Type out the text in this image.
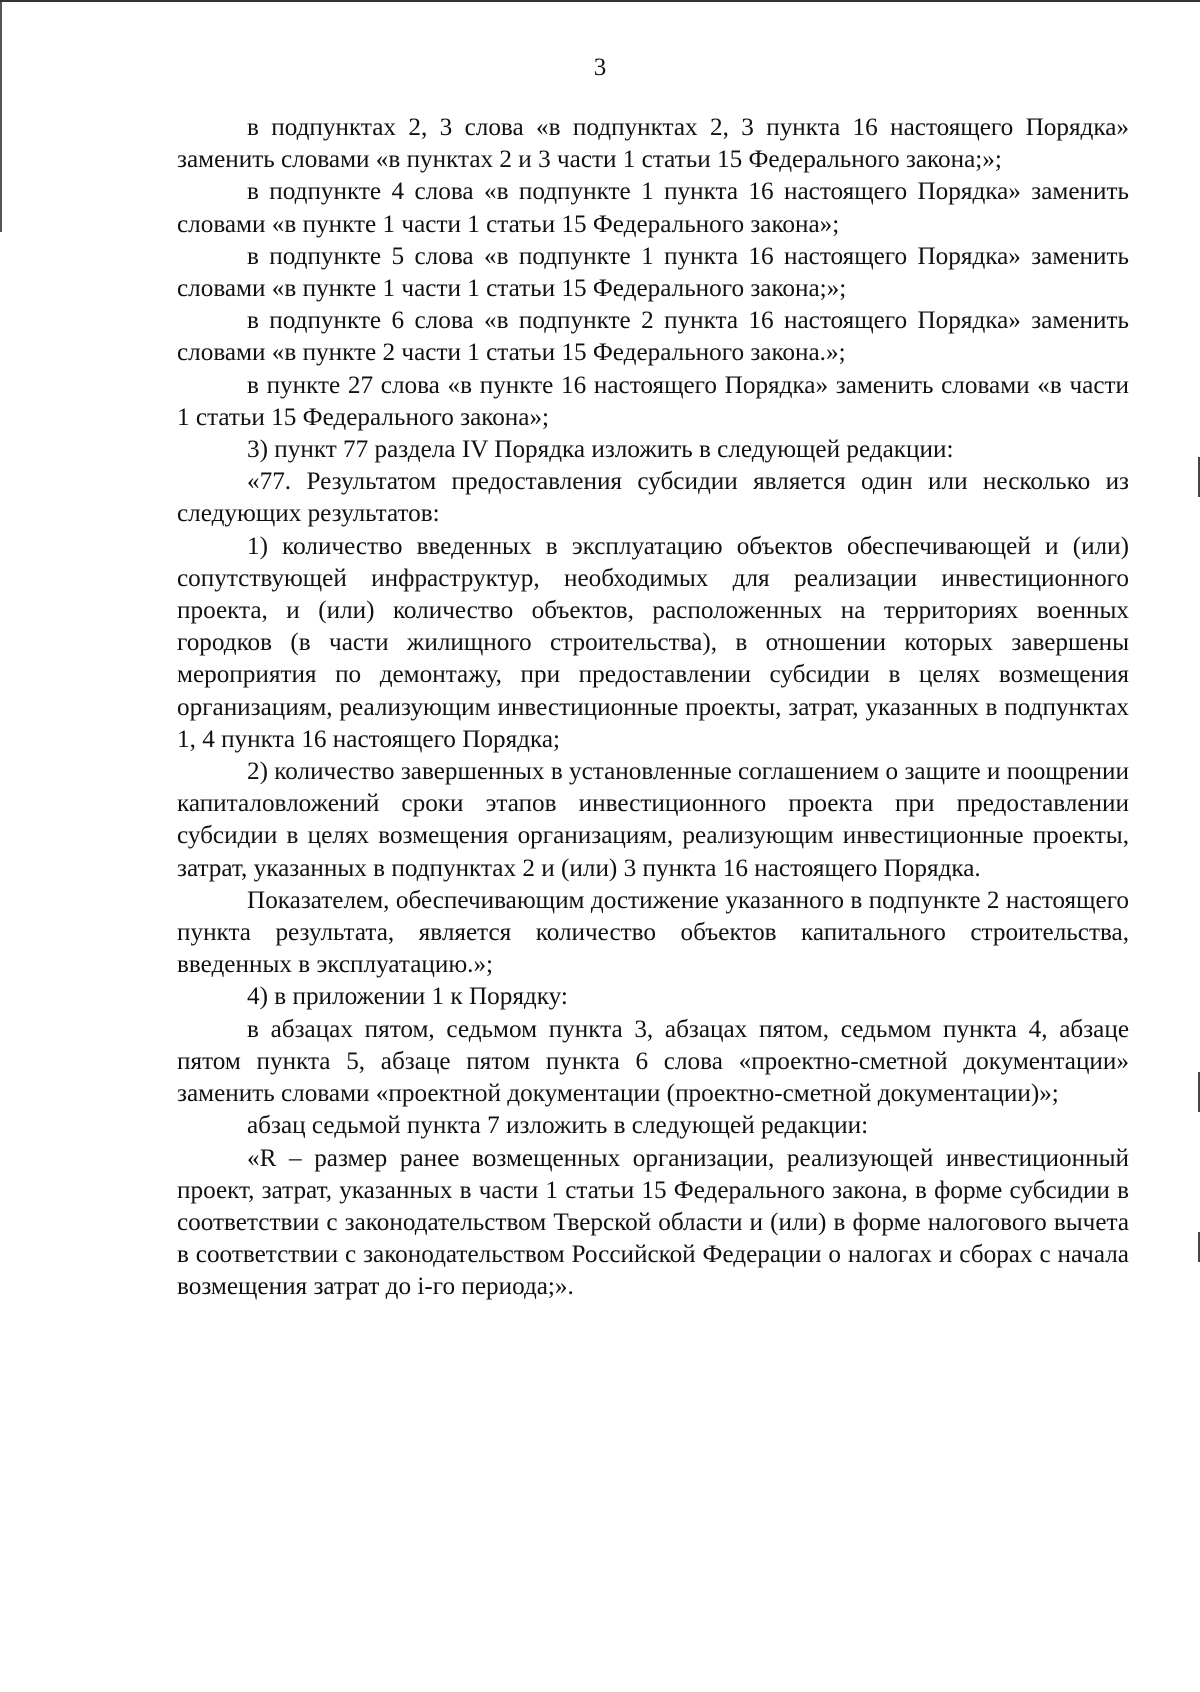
3

в подпунктах 2, 3 слова «в подпунктах 2, 3 пункта 16 настоящего Порядка» заменить словами «в пунктах 2 и 3 части 1 статьи 15 Федерального закона;»;

в подпункте 4 слова «в подпункте 1 пункта 16 настоящего Порядка» заменить словами «в пункте 1 части 1 статьи 15 Федерального закона»;

в подпункте 5 слова «в подпункте 1 пункта 16 настоящего Порядка» заменить словами «в пункте 1 части 1 статьи 15 Федерального закона;»;

в подпункте 6 слова «в подпункте 2 пункта 16 настоящего Порядка» заменить словами «в пункте 2 части 1 статьи 15 Федерального закона.»;

в пункте 27 слова «в пункте 16 настоящего Порядка» заменить словами «в части 1 статьи 15 Федерального закона»;

3) пункт 77 раздела IV Порядка изложить в следующей редакции:

«77. Результатом предоставления субсидии является один или несколько из следующих результатов:

1) количество введенных в эксплуатацию объектов обеспечивающей и (или) сопутствующей инфраструктур, необходимых для реализации инвестиционного проекта, и (или) количество объектов, расположенных на территориях военных городков (в части жилищного строительства), в отношении которых завершены мероприятия по демонтажу, при предоставлении субсидии в целях возмещения организациям, реализующим инвестиционные проекты, затрат, указанных в подпунктах 1, 4 пункта 16 настоящего Порядка;

2) количество завершенных в установленные соглашением о защите и поощрении капиталовложений сроки этапов инвестиционного проекта при предоставлении субсидии в целях возмещения организациям, реализующим инвестиционные проекты, затрат, указанных в подпунктах 2 и (или) 3 пункта 16 настоящего Порядка.

Показателем, обеспечивающим достижение указанного в подпункте 2 настоящего пункта результата, является количество объектов капитального строительства, введенных в эксплуатацию.»;

4) в приложении 1 к Порядку:

в абзацах пятом, седьмом пункта 3, абзацах пятом, седьмом пункта 4, абзаце пятом пункта 5, абзаце пятом пункта 6 слова «проектно-сметной документации» заменить словами «проектной документации (проектно-сметной документации)»;

абзац седьмой пункта 7 изложить в следующей редакции:

«R – размер ранее возмещенных организации, реализующей инвестиционный проект, затрат, указанных в части 1 статьи 15 Федерального закона, в форме субсидии в соответствии с законодательством Тверской области и (или) в форме налогового вычета в соответствии с законодательством Российской Федерации о налогах и сборах с начала возмещения затрат до i-го периода;».
